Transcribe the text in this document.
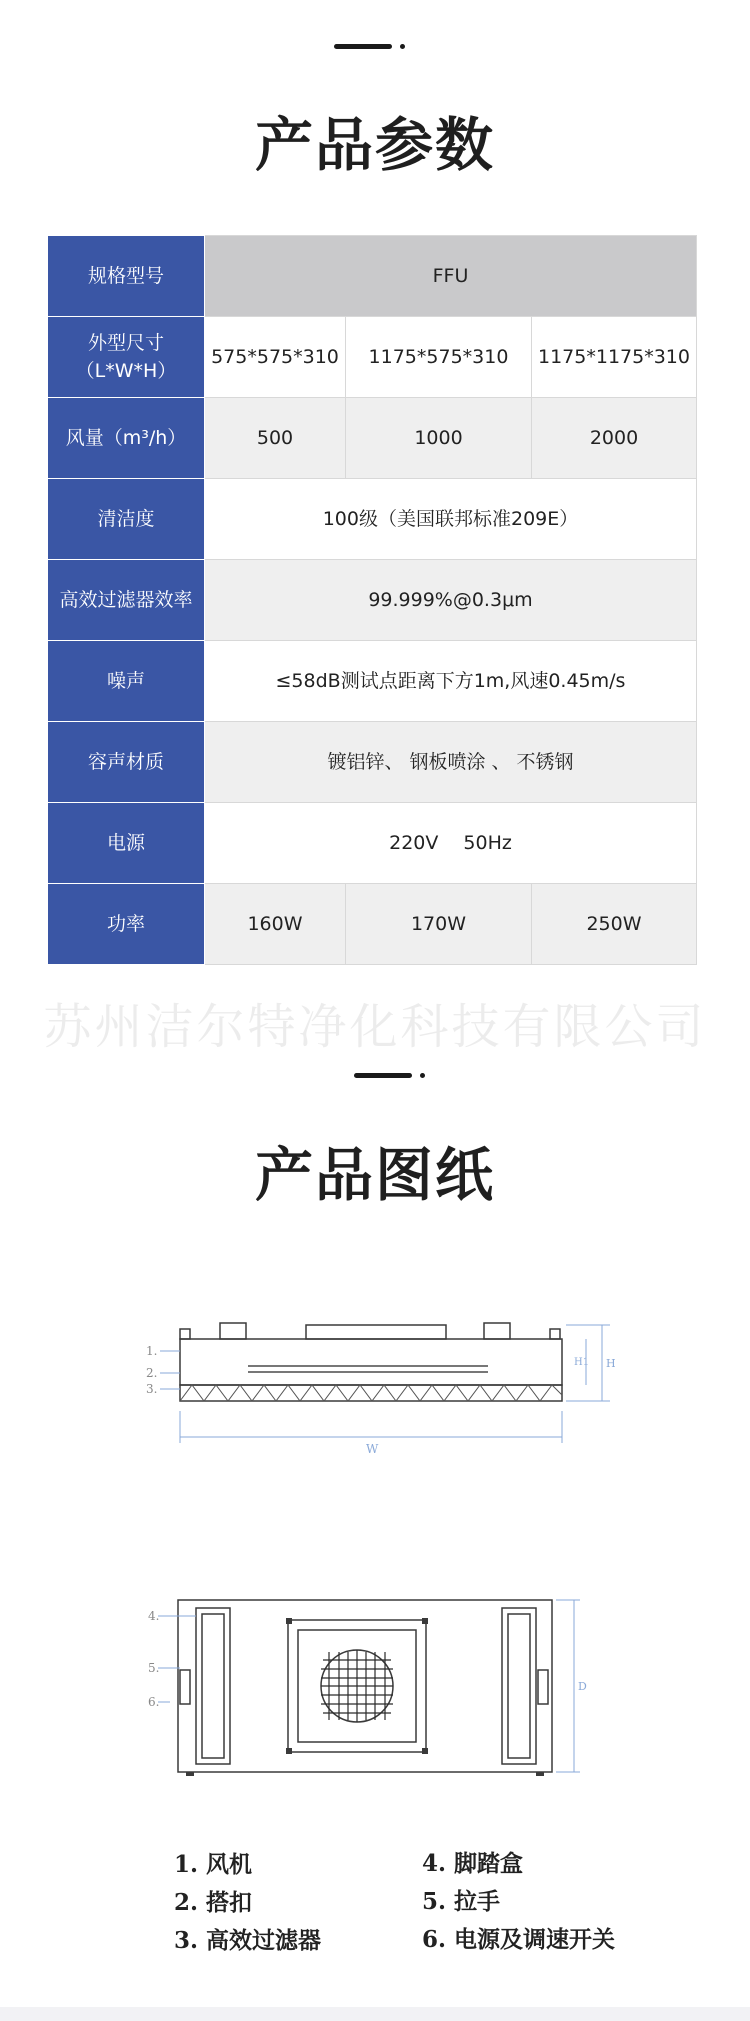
产品参数
规格型号	FFU		

外型尺寸
（L*W*H）	575*575*310	1175*575*310	1175*1175*310
风量（m³/h）	500	1000	2000
清洁度	100级（美国联邦标准209E）		
高效过滤器效率	99.999%@0.3μm		
噪声	≤58dB测试点距离下方1m,风速0.45m/s		
容声材质	镀铝锌、 钢板喷涂 、 不锈钢		
电源	220V　 50Hz		
功率	160W	170W	250W
苏州洁尔特净化科技有限公司
产品图纸
1.
2.
3.
W
H
H1
4.
5.
6.
D
1. 风机
2. 搭扣
3. 高效过滤器
4. 脚踏盒
5. 拉手
6. 电源及调速开关
